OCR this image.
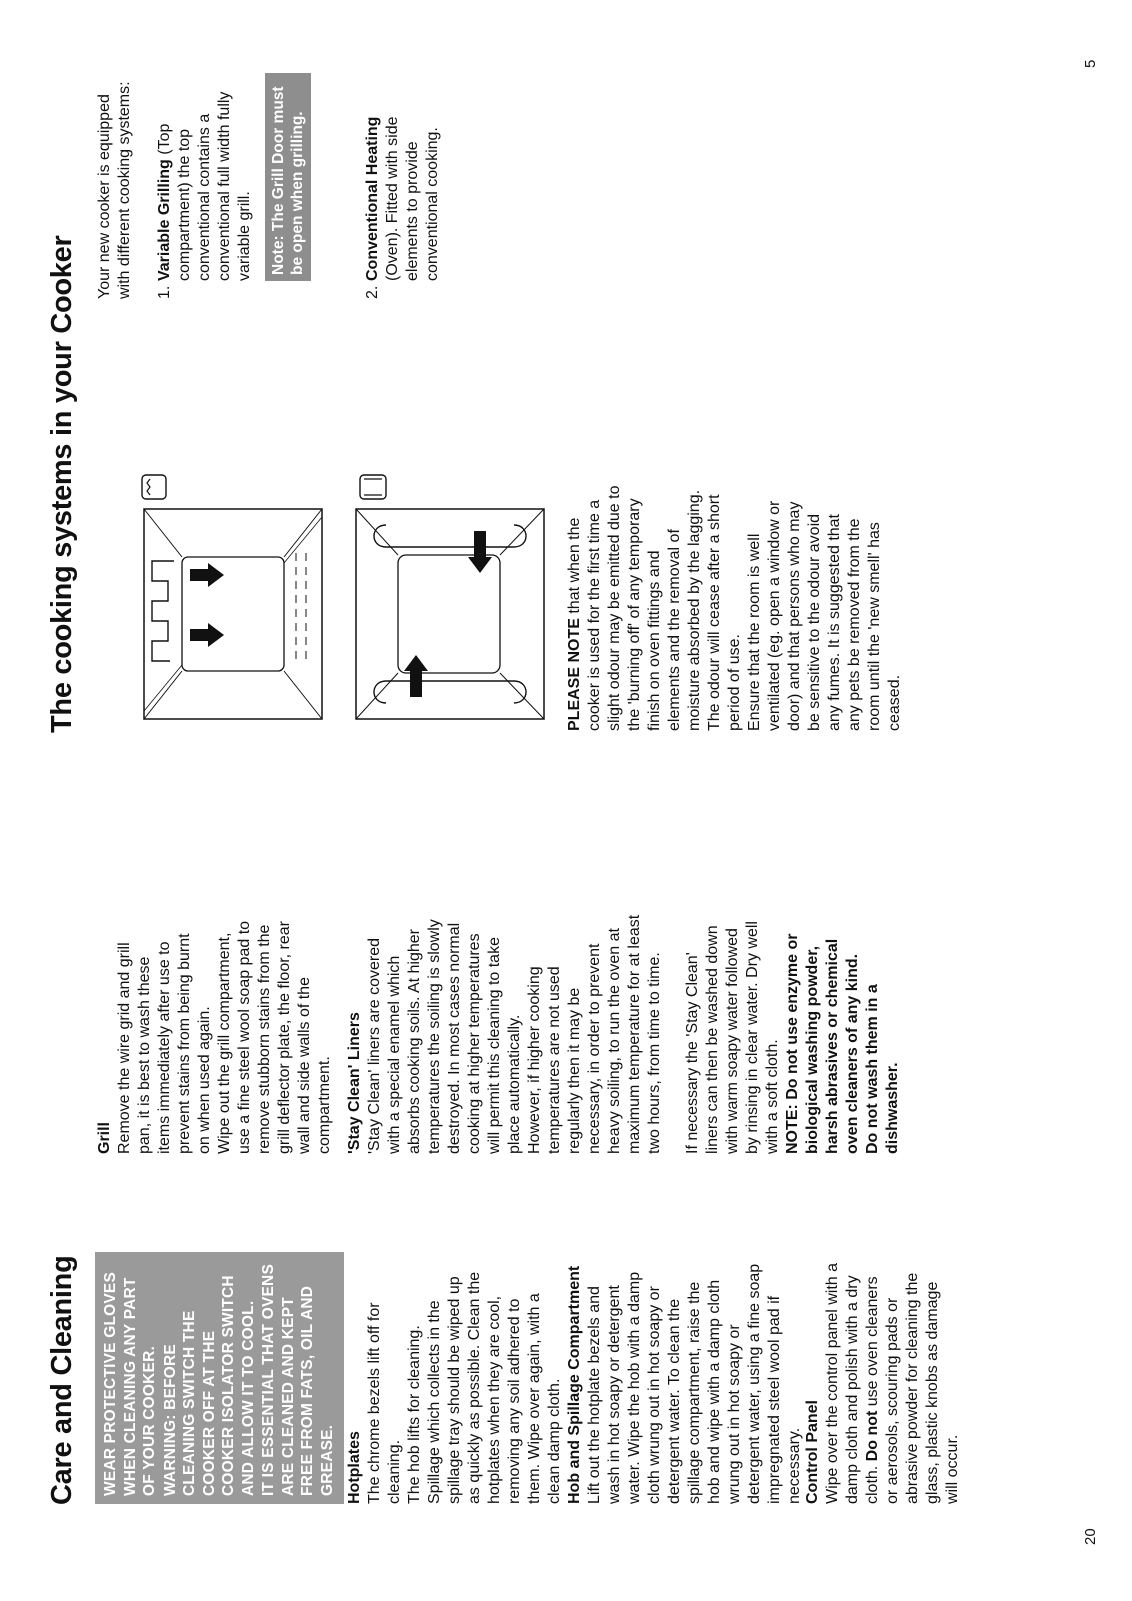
20
5
Care and Cleaning WEAR PROTECTIVE GLOVES WHEN CLEANING ANY PART OF YOUR COOKER. WARNING: BEFORE CLEANING SWITCH THE COOKER OFF AT THE COOKER ISOLATOR SWITCH AND ALLOW IT TO COOL. IT IS ESSENTIAL THAT OVENS ARE CLEANED AND KEPT FREE FROM FATS, OIL AND GREASE. Hotplates The chrome bezels lift off for cleaning. The hob lifts for cleaning. Spillage which collects in the spillage tray should be wiped up as quickly as possible. Clean the hotplates when they are cool, removing any soil adhered to them. Wipe over again, with a clean damp cloth. Hob and Spillage Compartment Lift out the hotplate bezels and wash in hot soapy or detergent water. Wipe the hob with a damp cloth wrung out in hot soapy or detergent water. To clean the spillage compartment, raise the hob and wipe with a damp cloth wrung out in hot soapy or detergent water, using a fine soap impregnated steel wool pad if necessary. Control Panel Wipe over the control panel with a damp cloth and polish with a dry cloth. Do not use oven cleaners or aerosols, scouring pads or abrasive powder for cleaning the glass, plastic knobs as damage will occur.

Grill Remove the wire grid and grill pan, it is best to wash these items immediately after use to prevent stains from being burnt on when used again. Wipe out the grill compartment, use a fine steel wool soap pad to remove stubborn stains from the grill deflector plate, the floor, rear wall and side walls of the compartment. 'Stay Clean' Liners 'Stay Clean' liners are covered with a special enamel which absorbs cooking soils. At higher temperatures the soiling is slowly destroyed. In most cases normal cooking at higher temperatures will permit this cleaning to take place automatically. However, if higher cooking temperatures are not used regularly then it may be necessary, in order to prevent heavy soiling, to run the oven at maximum temperature for at least two hours, from time to time. If necessary the 'Stay Clean' liners can then be washed down with warm soapy water followed by rinsing in clear water. Dry well with a soft cloth. NOTE: Do not use enzyme or biological washing powder, harsh abrasives or chemical oven cleaners of any kind. Do not wash them in a dishwasher.

The cooking systems in your Cooker	PLEASE NOTE that when the cooker is used for the first time a slight odour may be emitted due to the 'burning off' of any temporary finish on oven fittings and elements and the removal of moisture absorbed by the lagging. The odour will cease after a short period of use. Ensure that the room is well ventilated (eg. open a window or door) and that persons who may be sensitive to the odour avoid any fumes. It is suggested that any pets be removed from the room until the 'new smell' has ceased.

Your new cooker is equipped with different cooking systems: 1.Variable Grilling (Top compartment) the top conventional contains a conventional full width fully variable grill.	Note: The Grill Door must be open when grilling.
2.Conventional Heating (Oven). Fitted with side elements to provide conventional cooking.
